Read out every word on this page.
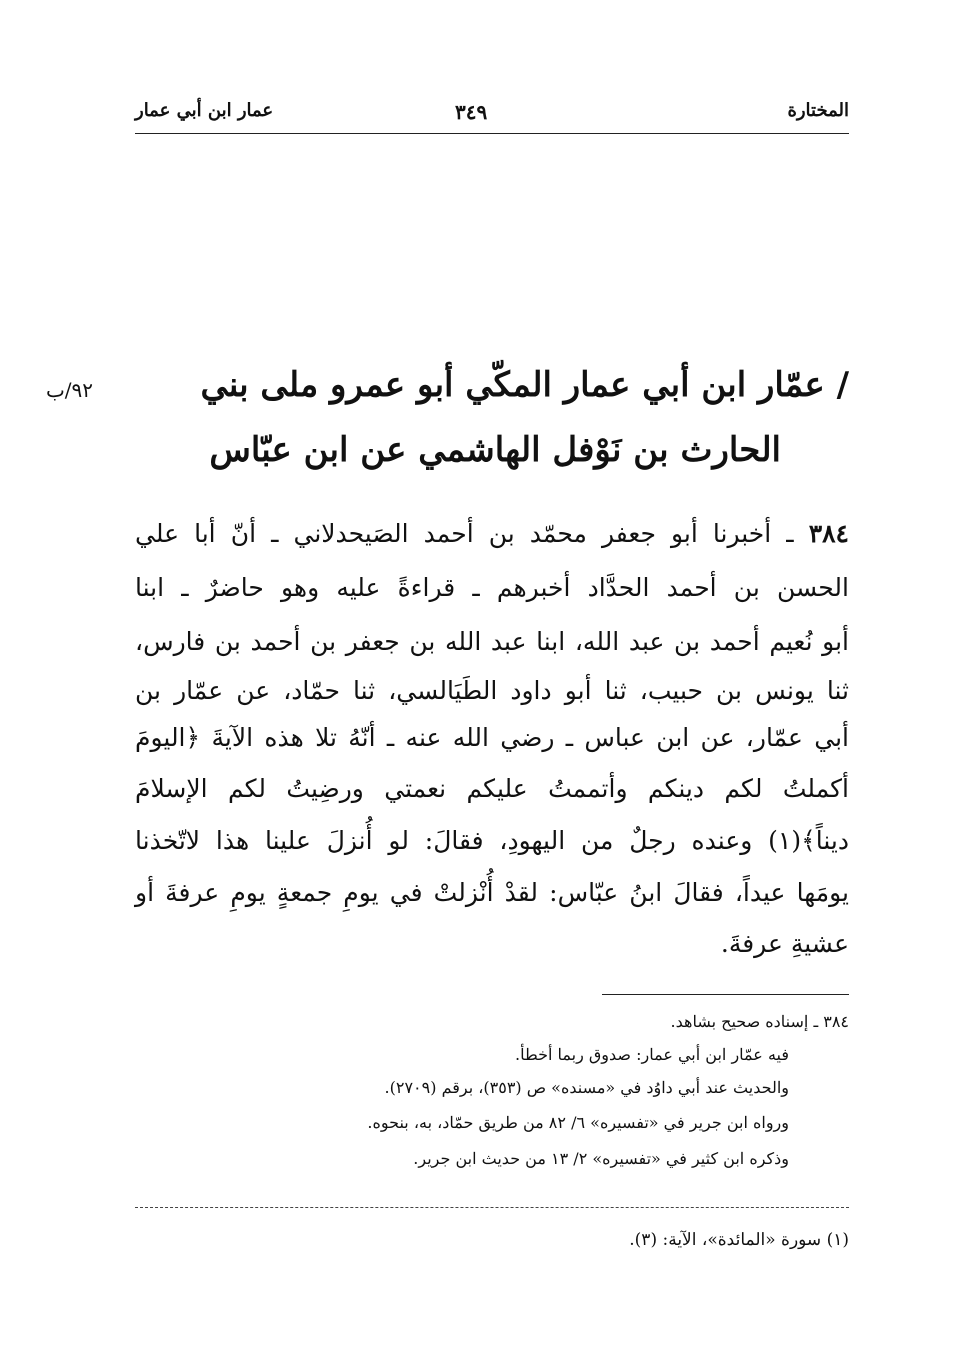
المختارة
٣٤٩
عمار ابن أبي عمار
٩٢/ب	/ عمّار ابن أبي عمار المكّي أبو عمرو ملى بني
الحارث بن نَوْفل الهاشمي عن ابن عبّاس
٣٨٤ ـ أخبرنا أبو جعفر محمّد بن أحمد الصَيحدلاني ـ أنّ أبا علي
الحسن بن أحمد الحدَّاد أخبرهم ـ قراءةً عليه وهو حاضرٌ ـ ابنا
أبو نُعيم أحمد بن عبد الله، ابنا عبد الله بن جعفر بن أحمد بن فارس،
ثنا يونس بن حبيب، ثنا أبو داود الطَيَالسي، ثنا حمّاد، عن عمّار بن
أبي عمّار، عن ابن عباس ـ رضي الله عنه ـ أنّهُ تلا هذه الآيةَ ﴿اليومَ
أكملتُ لكم دينكم وأتممتُ عليكم نعمتي ورضِيتُ لكم الإسلامَ
ديناً﴾(١) وعنده رجلٌ من اليهودِ، فقالَ: لو أُنزلَ علينا هذا لاتّخذنا
يومَها عيداً، فقالَ ابنُ عبّاس: لقدْ أُنْزلتْ في يومِ جمعةٍ يومِ عرفةَ أو
عشيةِ عرفةَ.
٣٨٤ ـ إسناده صحيح بشاهد.
فيه عمّار ابن أبي عمار: صدوق ربما أخطأ.
والحديث عند أبي داوُد في «مسنده» ص (٣٥٣)، برقم (٢٧٠٩).
ورواه ابن جرير في «تفسيره» ٦/ ٨٢ من طريق حمّاد، به، بنحوه.
وذكره ابن كثير في «تفسيره» ٢/ ١٣ من حديث ابن جرير.
(١) سورة «المائدة»، الآية: (٣).
